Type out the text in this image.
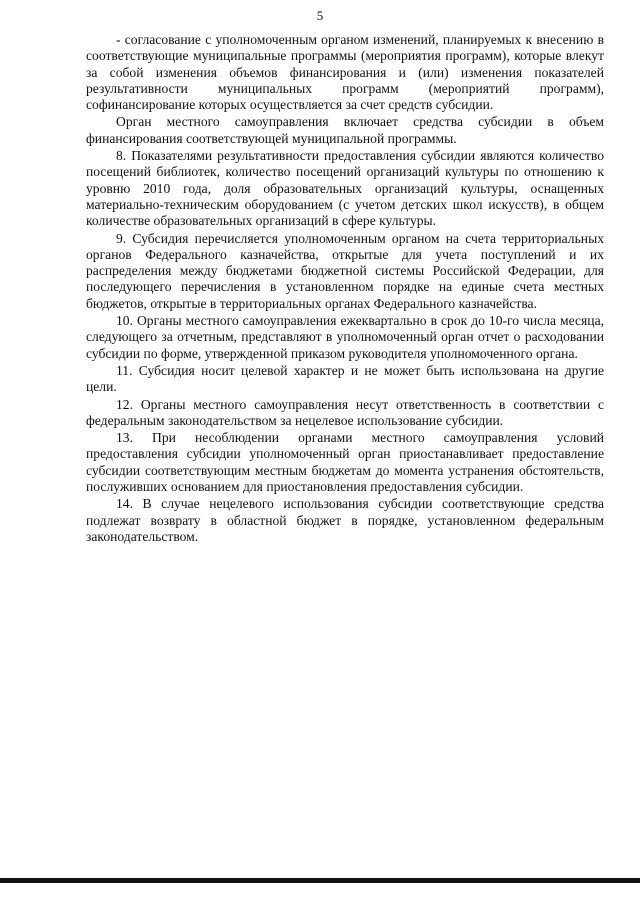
5

- согласование с уполномоченным органом изменений, планируемых к внесению в соответствующие муниципальные программы (мероприятия программ), которые влекут за собой изменения объемов финансирования и (или) изменения показателей результативности муниципальных программ (мероприятий программ), софинансирование которых осуществляется за счет средств субсидии.

Орган местного самоуправления включает средства субсидии в объем финансирования соответствующей муниципальной программы.

8. Показателями результативности предоставления субсидии являются количество посещений библиотек, количество посещений организаций культуры по отношению к уровню 2010 года, доля образовательных организаций культуры, оснащенных материально-техническим оборудованием (с учетом детских школ искусств), в общем количестве образовательных организаций в сфере культуры.

9. Субсидия перечисляется уполномоченным органом на счета территориальных органов Федерального казначейства, открытые для учета поступлений и их распределения между бюджетами бюджетной системы Российской Федерации, для последующего перечисления в установленном порядке на единые счета местных бюджетов, открытые в территориальных органах Федерального казначейства.

10. Органы местного самоуправления ежеквартально в срок до 10-го числа месяца, следующего за отчетным, представляют в уполномоченный орган отчет о расходовании субсидии по форме, утвержденной приказом руководителя уполномоченного органа.

11. Субсидия носит целевой характер и не может быть использована на другие цели.

12. Органы местного самоуправления несут ответственность в соответствии с федеральным законодательством за нецелевое использование субсидии.

13. При несоблюдении органами местного самоуправления условий предоставления субсидии уполномоченный орган приостанавливает предоставление субсидии соответствующим местным бюджетам до момента устранения обстоятельств, послуживших основанием для приостановления предоставления субсидии.

14. В случае нецелевого использования субсидии соответствующие средства подлежат возврату в областной бюджет в порядке, установленном федеральным законодательством.
